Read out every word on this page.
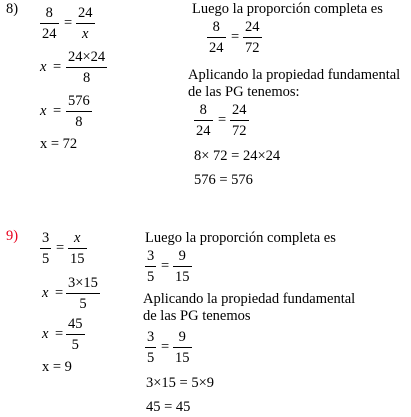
8) 8
24
=
24
x
x =
24×24
8
x =
576
8
x = 72
Luego la proporción completa es
8
24
=
24
72
Aplicando la propiedad fundamental
de las PG tenemos:
8
24
=
24
72
8× 72 = 24×24
576 = 576
9) 3
5
=
x
15
x =
3×15
5
x =
45
5
x = 9
Luego la proporción completa es
3
5
=
9
15
Aplicando la propiedad fundamental
de las PG tenemos
3
5
=
9
15
3×15 = 5×9
45 = 45
